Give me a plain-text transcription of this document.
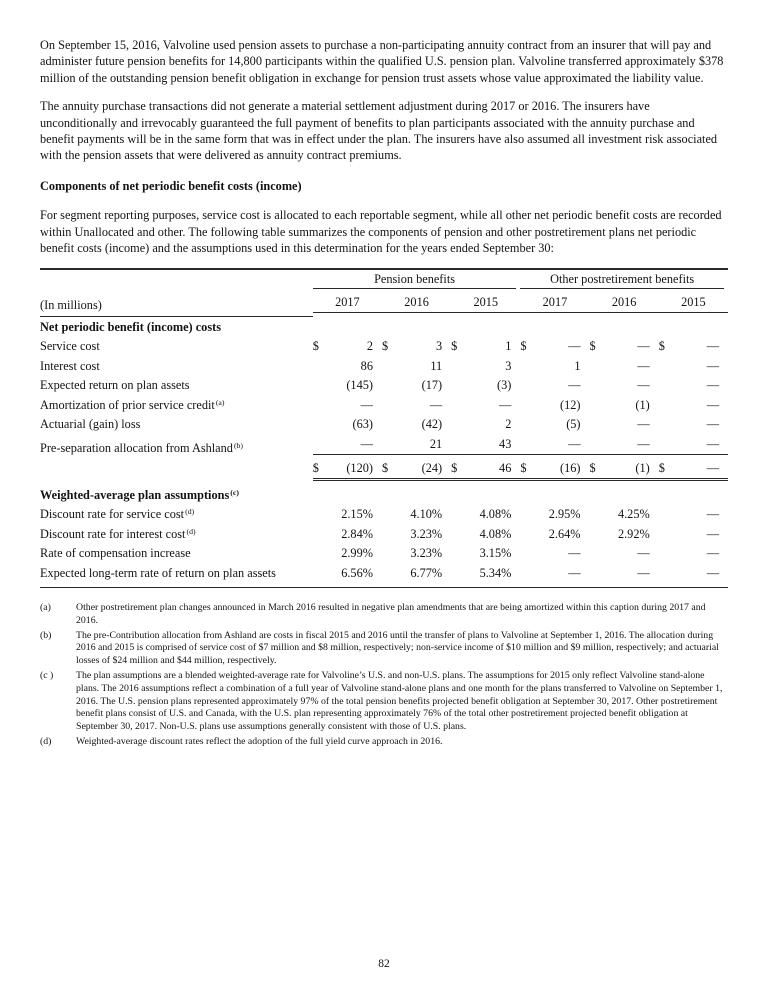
On September 15, 2016, Valvoline used pension assets to purchase a non-participating annuity contract from an insurer that will pay and administer future pension benefits for 14,800 participants within the qualified U.S. pension plan. Valvoline transferred approximately $378 million of the outstanding pension benefit obligation in exchange for pension trust assets whose value approximated the liability value.

The annuity purchase transactions did not generate a material settlement adjustment during 2017 or 2016. The insurers have unconditionally and irrevocably guaranteed the full payment of benefits to plan participants associated with the annuity purchase and benefit payments will be in the same form that was in effect under the plan. The insurers have also assumed all investment risk associated with the pension assets that were delivered as annuity contract premiums.

Components of net periodic benefit costs (income)

For segment reporting purposes, service cost is allocated to each reportable segment, while all other net periodic benefit costs are recorded within Unallocated and other. The following table summarizes the components of pension and other postretirement plans net periodic benefit costs (income) and the assumptions used in this determination for the years ended September 30:

	Pension benefits			Other postretirement benefits		

(In millions)	2017	2016	2015	2017	2016	2015

Net periodic benefit (income) costs						
Service cost	$ 2	$ 3	$ 1	$ —	$ —	$ —

Interest cost	86	11	3	1	—	—

Expected return on plan assets	(145)	(17)	(3)	—	—	—

Amortization of prior service credit$^{(a)}$	—	—	—	(12)	(1)	—

Actuarial (gain) loss	(63)	(42)	2	(5)	—	—

Pre-separation allocation from Ashland$^{(b)}$	—	21	43	—	—	—

	$ (120)	$ (24)	$ 46	$ (16)	$ (1)	$ —

Weighted-average plan assumptions$^{(c)}$
Discount rate for service cost$^{(d)}$	2.15%	4.10%	4.08%	2.95%	4.25%	—

Discount rate for interest cost$^{(d)}$	2.84%	3.23%	4.08%	2.64%	2.92%	—

Rate of compensation increase	2.99%	3.23%	3.15%	—	—	—

Expected long-term rate of return on plan assets	6.56%	6.77%	5.34%	—	—	—
(a)	Other postretirement plan changes announced in March 2016 resulted in negative plan amendments that are being amortized within this caption during 2017 and 2016.
(b)	The pre-Contribution allocation from Ashland are costs in fiscal 2015 and 2016 until the transfer of plans to Valvoline at September 1, 2016. The allocation during 2016 and 2015 is comprised of service cost of $7 million and $8 million, respectively; non-service income of $10 million and $9 million, respectively; and actuarial losses of $24 million and $44 million, respectively.
(c )	The plan assumptions are a blended weighted-average rate for Valvoline’s U.S. and non-U.S. plans. The assumptions for 2015 only reflect Valvoline stand-alone plans. The 2016 assumptions reflect a combination of a full year of Valvoline stand-alone plans and one month for the plans transferred to Valvoline on September 1, 2016. The U.S. pension plans represented approximately 97% of the total pension benefits projected benefit obligation at September 30, 2017. Other postretirement benefit plans consist of U.S. and Canada, with the U.S. plan representing approximately 76% of the total other postretirement projected benefit obligation at September 30, 2017. Non-U.S. plans use assumptions generally consistent with those of U.S. plans.
(d)	Weighted-average discount rates reflect the adoption of the full yield curve approach in 2016.
82
